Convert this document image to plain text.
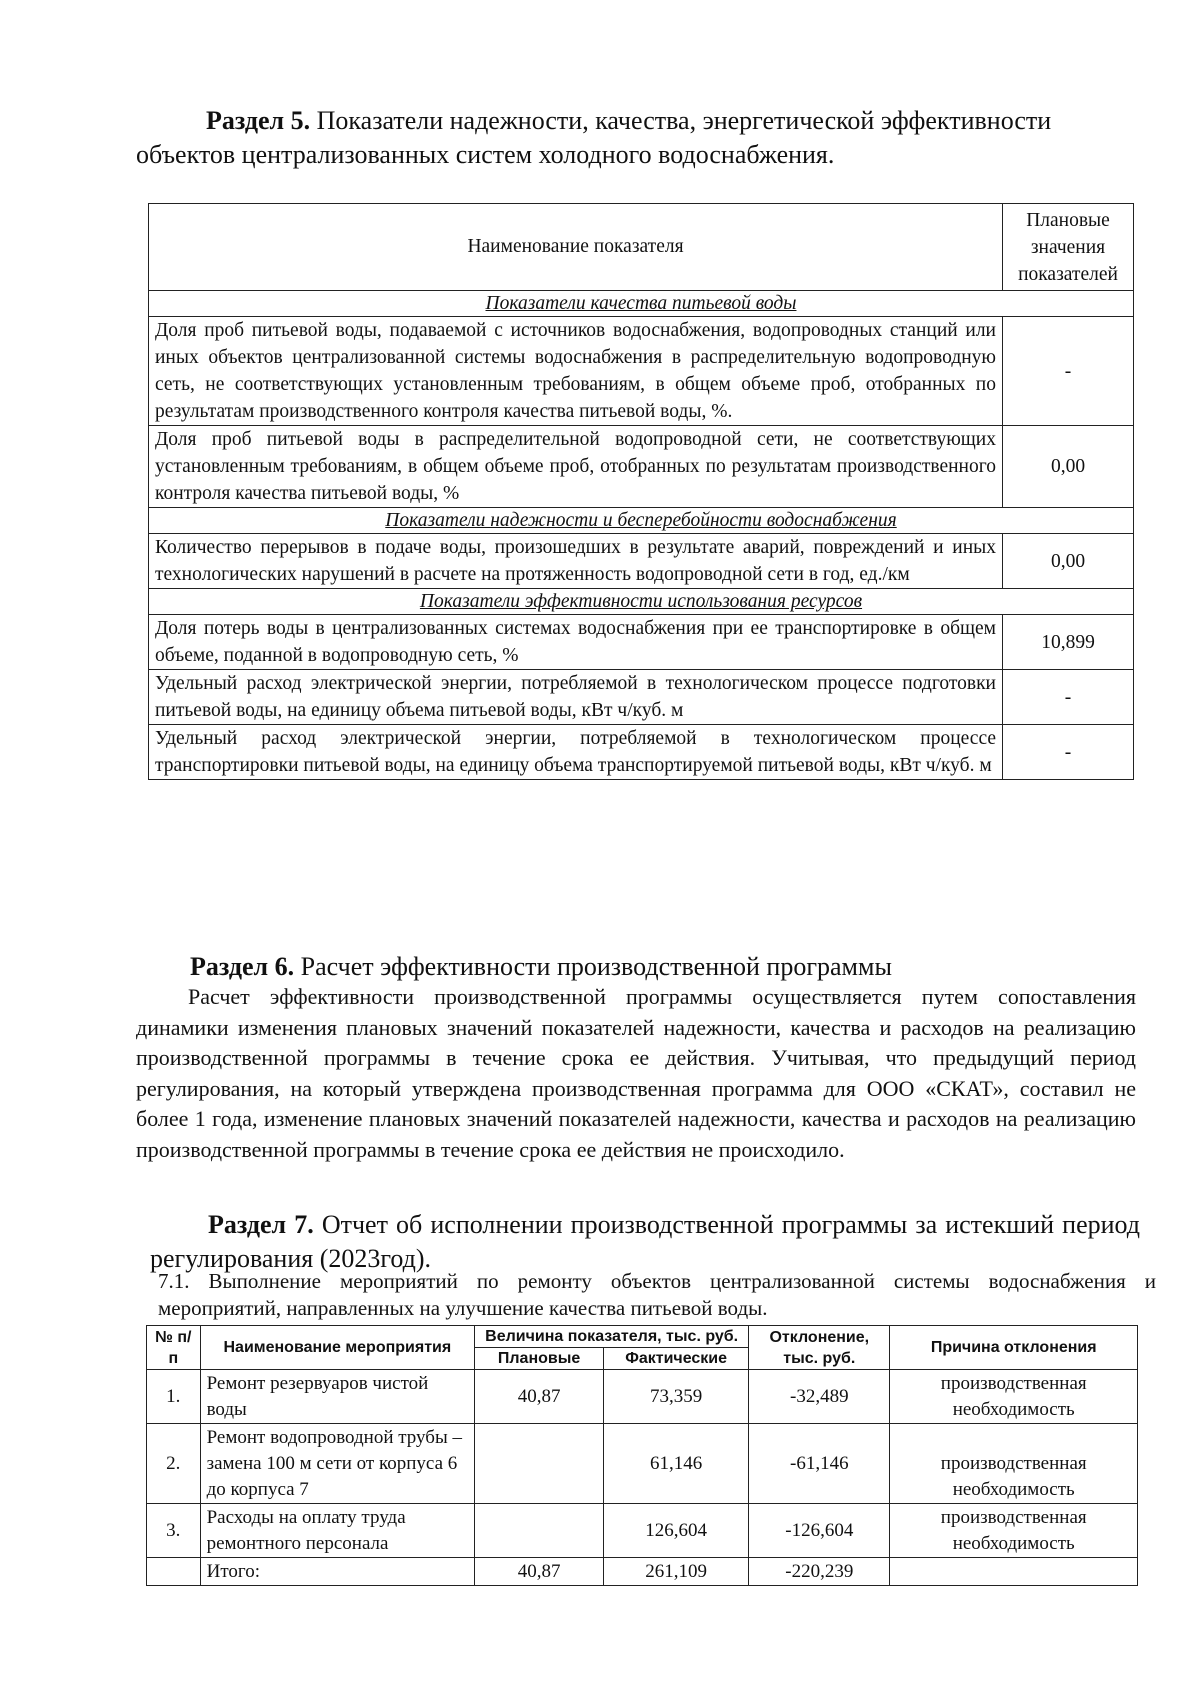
Раздел 5. Показатели надежности, качества, энергетической эффективности объектов централизованных систем холодного водоснабжения.
Наименование показателя	Плановые значения показателей
Показатели качества питьевой воды	
Доля проб питьевой воды, подаваемой с источников водоснабжения, водопроводных станций или иных объектов централизованной системы водоснабжения в распределительную водопроводную сеть, не соответствующих установленным требованиям, в общем объеме проб, отобранных по результатам производственного контроля качества питьевой воды, %.	-
Доля проб питьевой воды в распределительной водопроводной сети, не соответствующих установленным требованиям, в общем объеме проб, отобранных по результатам производственного контроля качества питьевой воды, %	0,00
Показатели надежности и бесперебойности водоснабжения	
Количество перерывов в подаче воды, произошедших в результате аварий, повреждений и иных технологических нарушений в расчете на протяженность водопроводной сети в год, ед./км	0,00
Показатели эффективности использования ресурсов	
Доля потерь воды в централизованных системах водоснабжения при ее транспортировке в общем объеме, поданной в водопроводную сеть, %	10,899
Удельный расход электрической энергии, потребляемой в технологическом процессе подготовки питьевой воды, на единицу объема питьевой воды, кВт ч/куб. м	-
Удельный расход электрической энергии, потребляемой в технологическом процессе транспортировки питьевой воды, на единицу объема транспортируемой питьевой воды, кВт ч/куб. м	-
Раздел 6. Расчет эффективности производственной программы

Расчет эффективности производственной программы осуществляется путем сопоставления динамики изменения плановых значений показателей надежности, качества и расходов на реализацию производственной программы в течение срока ее действия. Учитывая, что предыдущий период регулирования, на который утверждена производственная программа для ООО «СКАТ», составил не более 1 года, изменение плановых значений показателей надежности, качества и расходов на реализацию производственной программы в течение срока ее действия не происходило.

Раздел 7. Отчет об исполнении производственной программы за истекший период регулирования (2023год).

7.1. Выполнение мероприятий по ремонту объектов централизованной системы водоснабжения и мероприятий, направленных на улучшение качества питьевой воды.

№ п/п	Наименование мероприятия	Величина показателя, тыс. руб.		Отклонение, тыс. руб.	Причина отклонения
		Плановые	Фактические		
1.	Ремонт резервуаров чистой воды	40,87	73,359	-32,489	производственная необходимость
2.	Ремонт водопроводной трубы – замена 100 м сети от корпуса 6 до корпуса 7		61,146	-61,146	производственная необходимость
3.	Расходы на оплату труда ремонтного персонала		126,604	-126,604	производственная необходимость
	Итого:	40,87	261,109	-220,239	
